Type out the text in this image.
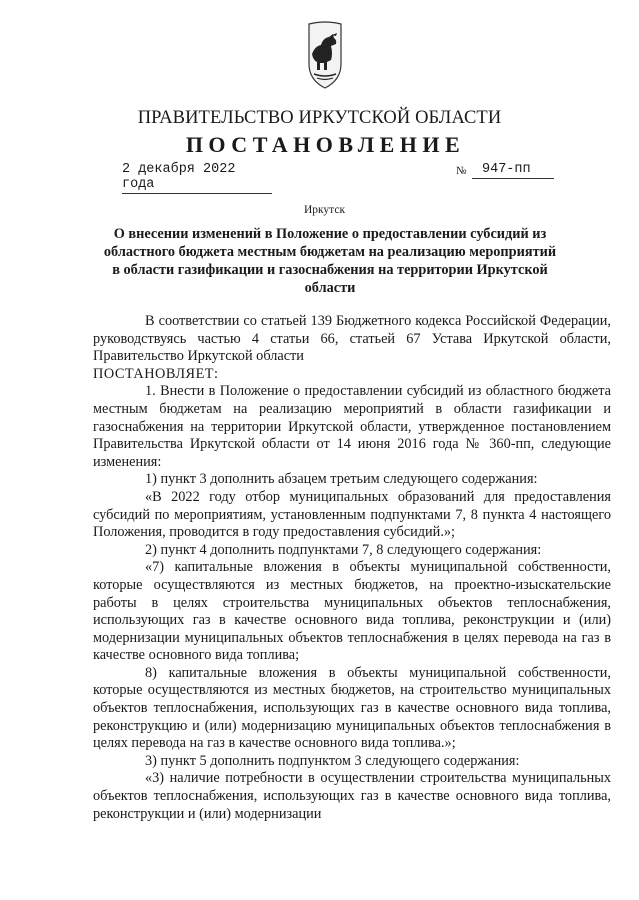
ПРАВИТЕЛЬСТВО ИРКУТСКОЙ ОБЛАСТИ
ПОСТАНОВЛЕНИЕ
2 декабря 2022 года
№	947-пп
Иркутск
О внесении изменений в Положение о предоставлении субсидий из областного бюджета местным бюджетам на реализацию мероприятий в области газификации и газоснабжения на территории Иркутской области

В соответствии со статьей 139 Бюджетного кодекса Российской Федерации, руководствуясь частью 4 статьи 66, статьей 67 Устава Иркутской области, Правительство Иркутской области

ПОСТАНОВЛЯЕТ:

1. Внести в Положение о предоставлении субсидий из областного бюджета местным бюджетам на реализацию мероприятий в области газификации и газоснабжения на территории Иркутской области, утвержденное постановлением Правительства Иркутской области от 14 июня 2016 года № 360-пп, следующие изменения:

1) пункт 3 дополнить абзацем третьим следующего содержания:

«В 2022 году отбор муниципальных образований для предоставления субсидий по мероприятиям, установленным подпунктами 7, 8 пункта 4 настоящего Положения, проводится в году предоставления субсидий.»;

2) пункт 4 дополнить подпунктами 7, 8 следующего содержания:

«7) капитальные вложения в объекты муниципальной собственности, которые осуществляются из местных бюджетов, на проектно-изыскательские работы в целях строительства муниципальных объектов теплоснабжения, использующих газ в качестве основного вида топлива, реконструкции и (или) модернизации муниципальных объектов теплоснабжения в целях перевода на газ в качестве основного вида топлива;

8) капитальные вложения в объекты муниципальной собственности, которые осуществляются из местных бюджетов, на строительство муниципальных объектов теплоснабжения, использующих газ в качестве основного вида топлива, реконструкцию и (или) модернизацию муниципальных объектов теплоснабжения в целях перевода на газ в качестве основного вида топлива.»;

3) пункт 5 дополнить подпунктом 3 следующего содержания:

«3) наличие потребности в осуществлении строительства муниципальных объектов теплоснабжения, использующих газ в качестве основного вида топлива, реконструкции и (или) модернизации
